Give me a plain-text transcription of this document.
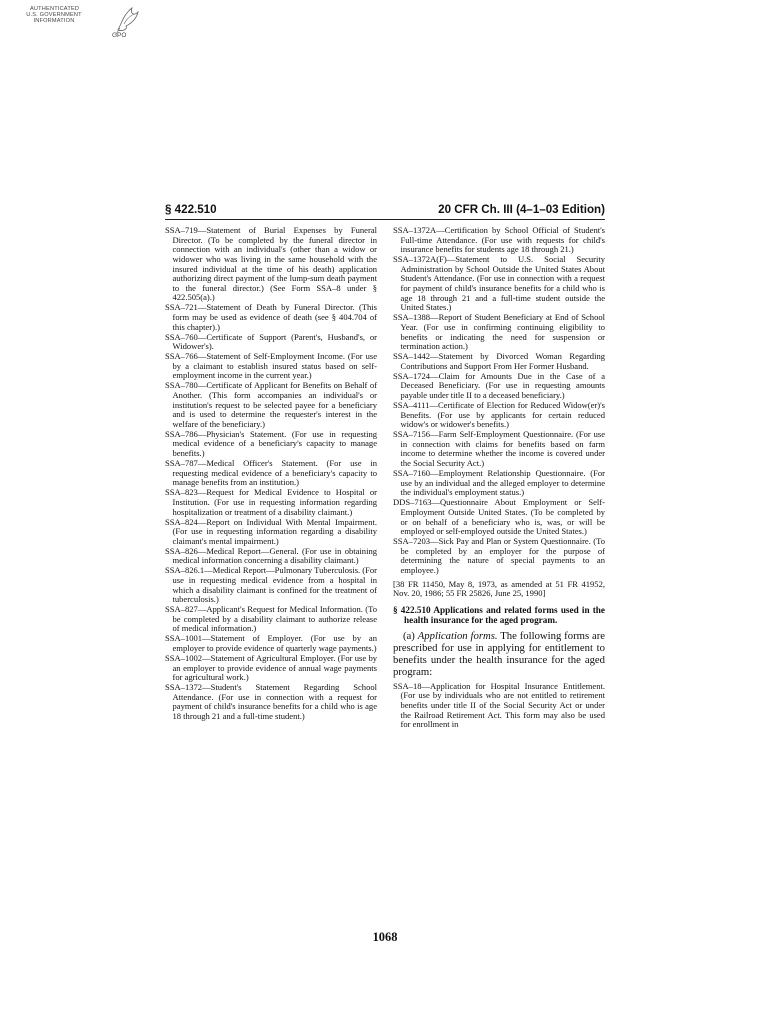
AUTHENTICATED
U.S. GOVERNMENT
INFORMATION
GPO
§ 422.510	20 CFR Ch. III (4–1–03 Edition)

SSA–719—Statement of Burial Expenses by Funeral Director. (To be completed by the funeral director in connection with an individual's (other than a widow or widower who was living in the same household with the insured individual at the time of his death) application authorizing direct payment of the lump-sum death payment to the funeral director.) (See Form SSA–8 under § 422.505(a).)

SSA–721—Statement of Death by Funeral Director. (This form may be used as evidence of death (see § 404.704 of this chapter).)

SSA–760—Certificate of Support (Parent's, Husband's, or Widower's).

SSA–766—Statement of Self-Employment Income. (For use by a claimant to establish insured status based on self-employment income in the current year.)

SSA–780—Certificate of Applicant for Benefits on Behalf of Another. (This form accompanies an individual's or institution's request to be selected payee for a beneficiary and is used to determine the requester's interest in the welfare of the beneficiary.)

SSA–786—Physician's Statement. (For use in requesting medical evidence of a beneficiary's capacity to manage benefits.)

SSA–787—Medical Officer's Statement. (For use in requesting medical evidence of a beneficiary's capacity to manage benefits from an institution.)

SSA–823—Request for Medical Evidence to Hospital or Institution. (For use in requesting information regarding hospitalization or treatment of a disability claimant.)

SSA–824—Report on Individual With Mental Impairment. (For use in requesting information regarding a disability claimant's mental impairment.)

SSA–826—Medical Report—General. (For use in obtaining medical information concerning a disability claimant.)

SSA–826.1—Medical Report—Pulmonary Tuberculosis. (For use in requesting medical evidence from a hospital in which a disability claimant is confined for the treatment of tuberculosis.)

SSA–827—Applicant's Request for Medical Information. (To be completed by a disability claimant to authorize release of medical information.)

SSA–1001—Statement of Employer. (For use by an employer to provide evidence of quarterly wage payments.)

SSA–1002—Statement of Agricultural Employer. (For use by an employer to provide evidence of annual wage payments for agricultural work.)

SSA–1372—Student's Statement Regarding School Attendance. (For use in connection with a request for payment of child's insurance benefits for a child who is age 18 through 21 and a full-time student.)

SSA–1372A—Certification by School Official of Student's Full-time Attendance. (For use with requests for child's insurance benefits for students age 18 through 21.)

SSA–1372A(F)—Statement to U.S. Social Security Administration by School Outside the United States About Student's Attendance. (For use in connection with a request for payment of child's insurance benefits for a child who is age 18 through 21 and a full-time student outside the United States.)

SSA–1388—Report of Student Beneficiary at End of School Year. (For use in confirming continuing eligibility to benefits or indicating the need for suspension or termination action.)

SSA–1442—Statement by Divorced Woman Regarding Contributions and Support From Her Former Husband.

SSA–1724—Claim for Amounts Due in the Case of a Deceased Beneficiary. (For use in requesting amounts payable under title II to a deceased beneficiary.)

SSA–4111—Certificate of Election for Reduced Widow(er)'s Benefits. (For use by applicants for certain reduced widow's or widower's benefits.)

SSA–7156—Farm Self-Employment Questionnaire. (For use in connection with claims for benefits based on farm income to determine whether the income is covered under the Social Security Act.)

SSA–7160—Employment Relationship Questionnaire. (For use by an individual and the alleged employer to determine the individual's employment status.)

DDS–7163—Questionnaire About Employment or Self-Employment Outside United States. (To be completed by or on behalf of a beneficiary who is, was, or will be employed or self-employed outside the United States.)

SSA–7203—Sick Pay and Plan or System Questionnaire. (To be completed by an employer for the purpose of determining the nature of special payments to an employee.)

[38 FR 11450, May 8, 1973, as amended at 51 FR 41952, Nov. 20, 1986; 55 FR 25826, June 25, 1990]

§ 422.510 Applications and related forms used in the health insurance for the aged program.

(a) Application forms. The following forms are prescribed for use in applying for entitlement to benefits under the health insurance for the aged program:

SSA–18—Application for Hospital Insurance Entitlement. (For use by individuals who are not entitled to retirement benefits under title II of the Social Security Act or under the Railroad Retirement Act. This form may also be used for enrollment in

1068
